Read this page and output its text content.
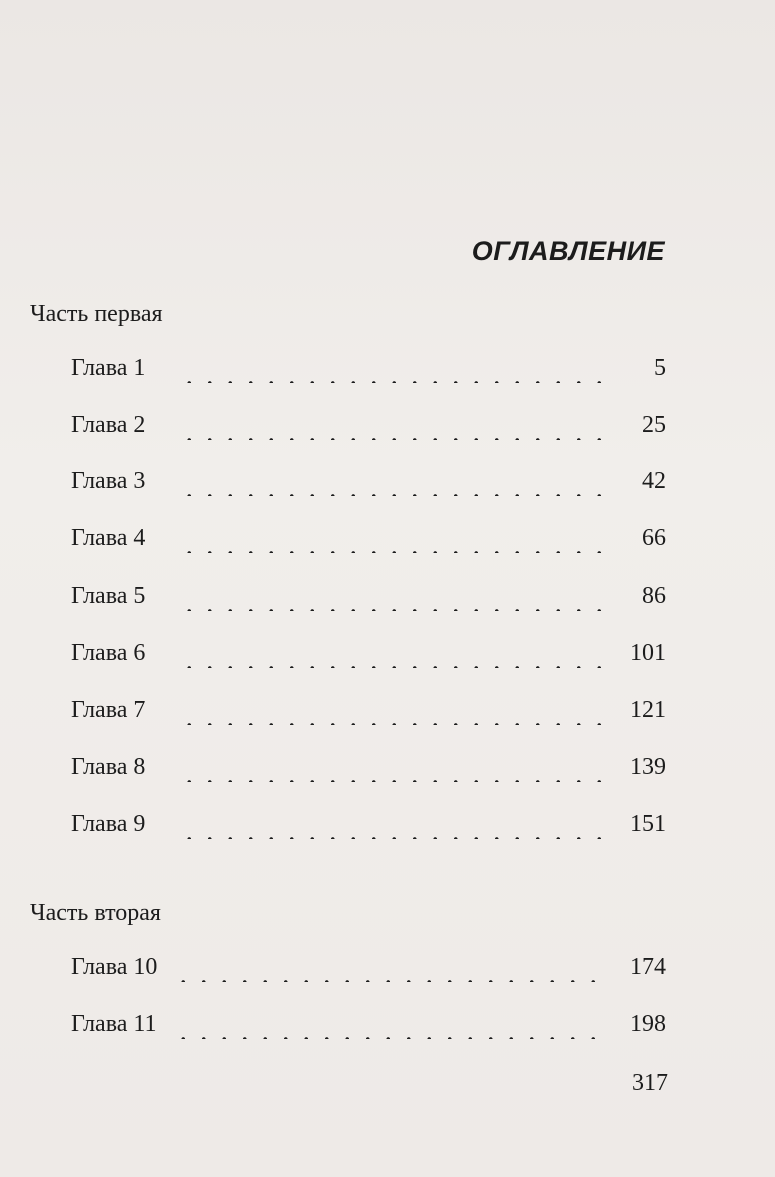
ОГЛАВЛЕНИЕ
Часть первая
Глава 1	5
Глава 2	25
Глава 3	42
Глава 4	66
Глава 5	86
Глава 6	101
Глава 7	121
Глава 8	139
Глава 9	151
Часть вторая
Глава 10	174
Глава 11	198
317
